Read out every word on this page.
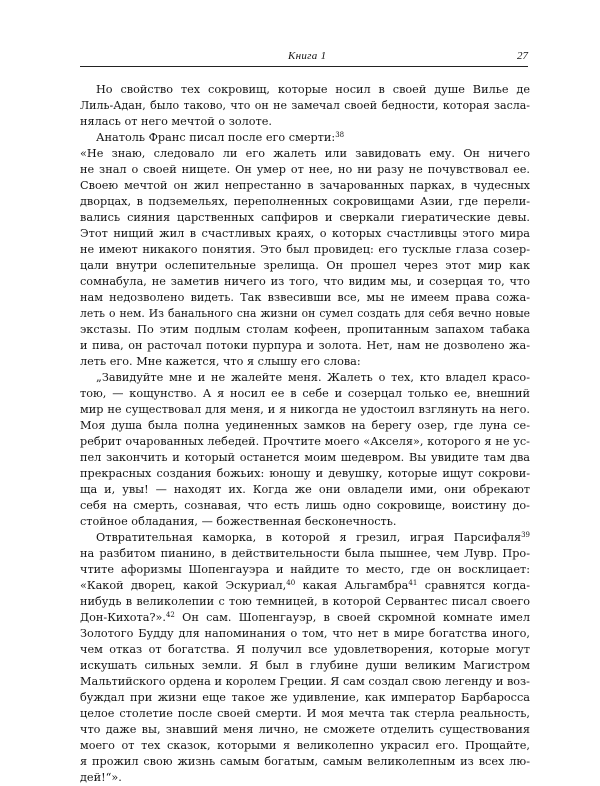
Книга 1	27
Но свойство тех сокровищ, которые носил в своей душе Вилье де
Лиль-Адан, было таково, что он не замечал своей бедности, которая засла-
нялась от него мечтой о золоте.
Анатоль Франс писал после его смерти:$^{38}$
«Не знаю, следовало ли его жалеть или завидовать ему. Он ничего
не знал о своей нищете. Он умер от нее, но ни разу не почувствовал ее.
Своею мечтой он жил непрестанно в зачарованных парках, в чудесных
дворцах, в подземельях, переполненных сокровищами Азии, где перели-
вались сияния царственных сапфиров и сверкали гиератические девы.
Этот нищий жил в счастливых краях, о которых счастливцы этого мира
не имеют никакого понятия. Это был провидец: его тусклые глаза созер-
цали внутри ослепительные зрелища. Он прошел через этот мир как
сомнабула, не заметив ничего из того, что видим мы, и созерцая то, что
нам недозволено видеть. Так взвесивши все, мы не имеем права сожа-
леть о нем. Из банального сна жизни он сумел создать для себя вечно новые
экстазы. По этим подлым столам кофеен, пропитанным запахом табака
и пива, он расточал потоки пурпура и золота. Нет, нам не дозволено жа-
леть его. Мне кажется, что я слышу его слова:
„Завидуйте мне и не жалейте меня. Жалеть о тех, кто владел красо-
тою, — кощунство. А я носил ее в себе и созерцал только ее, внешний
мир не существовал для меня, и я никогда не удостоил взглянуть на него.
Моя душа была полна уединенных замков на берегу озер, где луна се-
ребрит очарованных лебедей. Прочтите моего «Акселя», которого я не ус-
пел закончить и который останется моим шедевром. Вы увидите там два
прекрасных создания божьих: юношу и девушку, которые ищут сокрови-
ща и, увы! — находят их. Когда же они овладели ими, они обрекают
себя на смерть, сознавая, что есть лишь одно сокровище, воистину до-
стойное обладания, — божественная бесконечность.
Отвратительная каморка, в которой я грезил, играя Парсифаля$^{39}$
на разбитом пианино, в действительности была пышнее, чем Лувр. Про-
чтите афоризмы Шопенгауэра и найдите то место, где он восклицает:
«Какой дворец, какой Эскуриал,$^{40}$ какая Альгамбра$^{41}$ сравнятся когда-
нибудь в великолепии с тою темницей, в которой Сервантес писал своего
Дон-Кихота?».$^{42}$ Он сам. Шопенгауэр, в своей скромной комнате имел
Золотого Будду для напоминания о том, что нет в мире богатства иного,
чем отказ от богатства. Я получил все удовлетворения, которые могут
искушать сильных земли. Я был в глубине души великим Магистром
Мальтийского ордена и королем Греции. Я сам создал свою легенду и воз-
буждал при жизни еще такое же удивление, как император Барбаросса
целое столетие после своей смерти. И моя мечта так стерла реальность,
что даже вы, знавший меня лично, не сможете отделить существования
моего от тех сказок, которыми я великолепно украсил его. Прощайте,
я прожил свою жизнь самым богатым, самым великолепным из всех лю-
дей!“».
